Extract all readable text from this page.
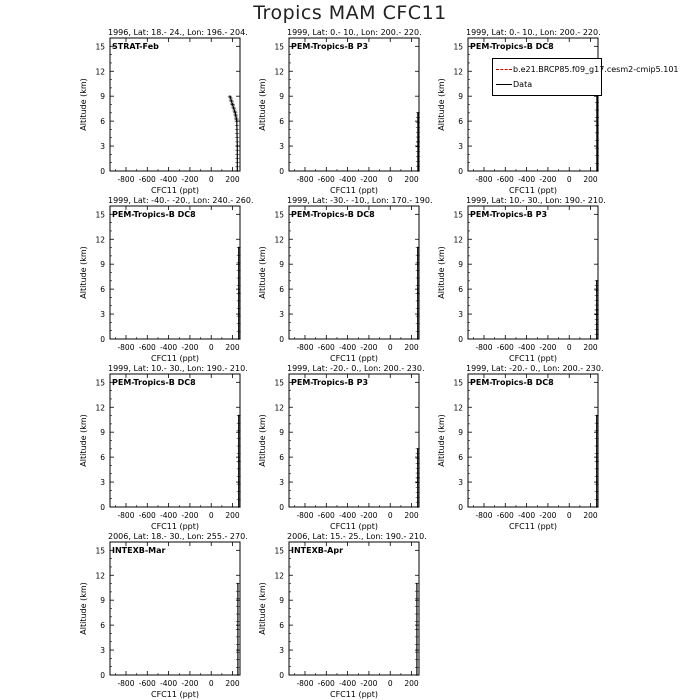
Tropics MAM CFC11
1996, Lat: 18.- 24., Lon: 196.- 204.
STRAT-Feb
-800 -600 -400 -200 0 200
0
3
6
9
12
15
CFC11 (ppt)
Altitude (km)
1999, Lat: 0.- 10., Lon: 200.- 220.
PEM-Tropics-B P3
-800 -600 -400 -200 0 200
0
3
6
9
12
15
CFC11 (ppt)
Altitude (km)
1999, Lat: 0.- 10., Lon: 200.- 220.
PEM-Tropics-B DC8
-800 -600 -400 -200 0 200
0
3
6
9
12
15
CFC11 (ppt)
Altitude (km)
1999, Lat: -40.- -20., Lon: 240.- 260.
PEM-Tropics-B DC8
-800 -600 -400 -200 0 200
0
3
6
9
12
15
CFC11 (ppt)
Altitude (km)
1999, Lat: -30.- -10., Lon: 170.- 190.
PEM-Tropics-B DC8
-800 -600 -400 -200 0 200
0
3
6
9
12
15
CFC11 (ppt)
Altitude (km)
1999, Lat: 10.- 30., Lon: 190.- 210.
PEM-Tropics-B P3
-800 -600 -400 -200 0 200
0
3
6
9
12
15
CFC11 (ppt)
Altitude (km)
1999, Lat: 10.- 30., Lon: 190.- 210.
PEM-Tropics-B DC8
-800 -600 -400 -200 0 200
0
3
6
9
12
15
CFC11 (ppt)
Altitude (km)
1999, Lat: -20.- 0., Lon: 200.- 230.
PEM-Tropics-B P3
-800 -600 -400 -200 0 200
0
3
6
9
12
15
CFC11 (ppt)
Altitude (km)
1999, Lat: -20.- 0., Lon: 200.- 230.
PEM-Tropics-B DC8
-800 -600 -400 -200 0 200
0
3
6
9
12
15
CFC11 (ppt)
Altitude (km)
2006, Lat: 18.- 30., Lon: 255.- 270.
INTEXB-Mar
-800 -600 -400 -200 0 200
0
3
6
9
12
15
CFC11 (ppt)
Altitude (km)
2006, Lat: 15.- 25., Lon: 190.- 210.
INTEXB-Apr
-800 -600 -400 -200 0 200
0
3
6
9
12
15
CFC11 (ppt)
Altitude (km)
b.e21.BRCP85.f09_g17.cesm2-cmip5.101
Data
